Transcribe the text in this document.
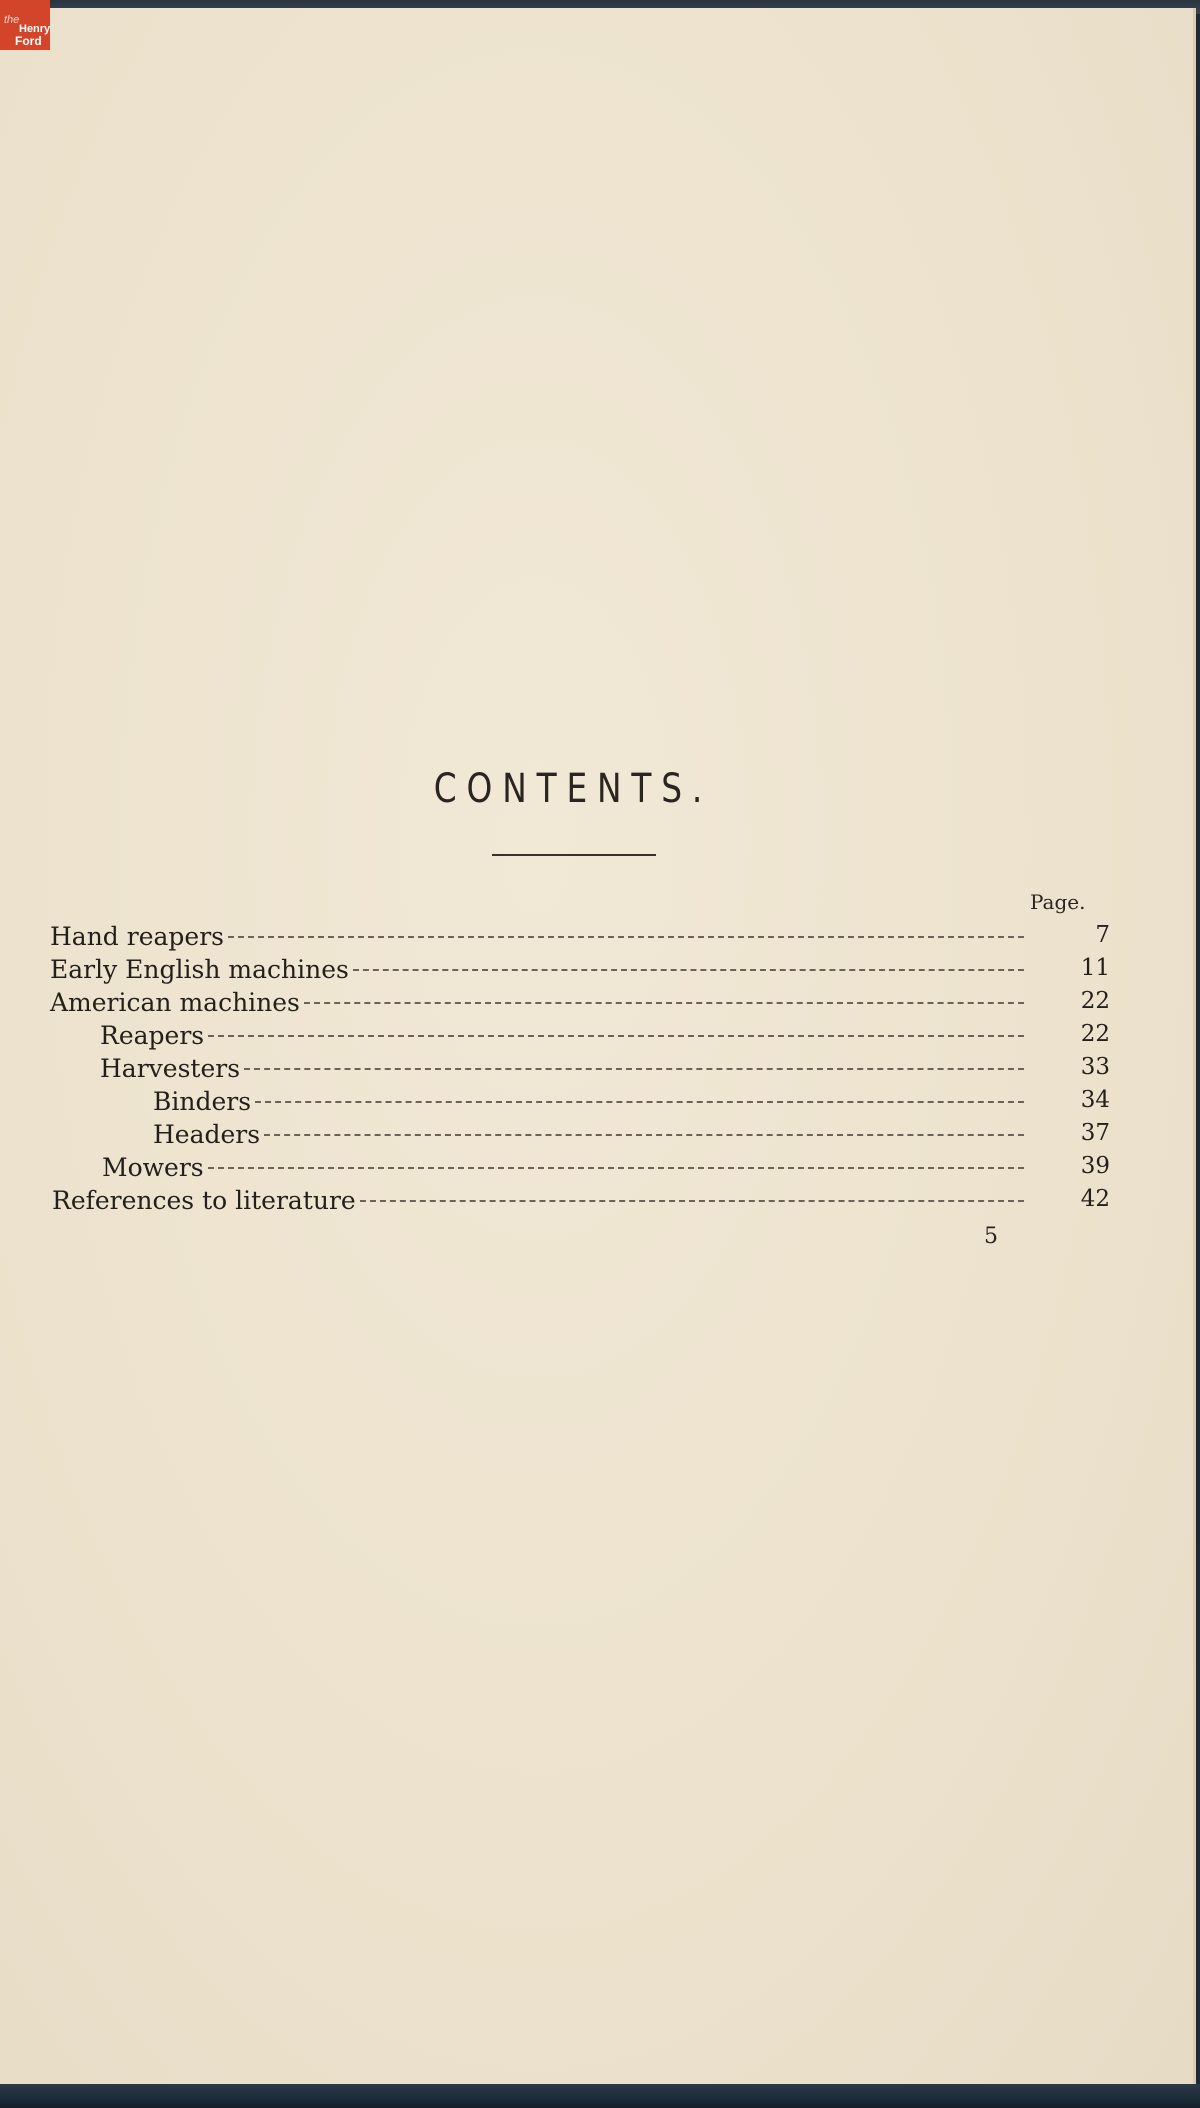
CONTENTS.
Page.
Hand reapers	7
Early English machines	11
American machines	22
Reapers	22
Harvesters	33
Binders	34
Headers	37
Mowers	39
References to literature	42
5
the
Henry
Ford
